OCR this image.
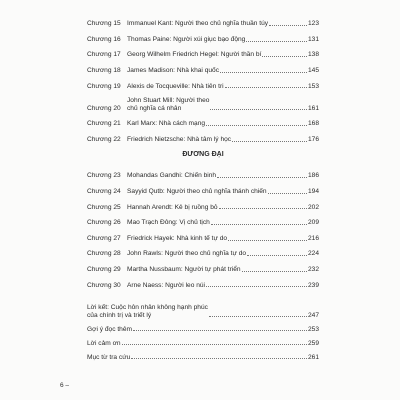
Chương 15 Immanuel Kant: Người theo chủ nghĩa thuần túy	123
Chương 16 Thomas Paine: Người xúi giục bạo động	131
Chương 17 Georg Wilhelm Friedrich Hegel: Người thần bí	138
Chương 18 James Madison: Nhà khai quốc	145
Chương 19 Alexis de Tocqueville: Nhà tiên tri	153
Chương 20
John Stuart Mill: Người theo
chủ nghĩa cá nhân	161
Chương 21 Karl Marx: Nhà cách mạng	168
Chương 22 Friedrich Nietzsche: Nhà tâm lý học	176
ĐƯƠNG ĐẠI
Chương 23 Mohandas Gandhi: Chiến binh	186
Chương 24 Sayyid Qutb: Người theo chủ nghĩa thánh chiến	194
Chương 25 Hannah Arendt: Kẻ bị ruồng bỏ	202
Chương 26 Mao Trạch Đông: Vị chủ tịch	209
Chương 27 Friedrick Hayek: Nhà kinh tế tự do	216
Chương 28 John Rawls: Người theo chủ nghĩa tự do	224
Chương 29 Martha Nussbaum: Người tự phát triển	232
Chương 30 Arne Naess: Người leo núi	239
Lời kết: Cuộc hôn nhân không hạnh phúc
của chính trị và triết lý	247
Gợi ý đọc thêm	253
Lời cảm ơn	259
Mục từ tra cứu	261
6 –
